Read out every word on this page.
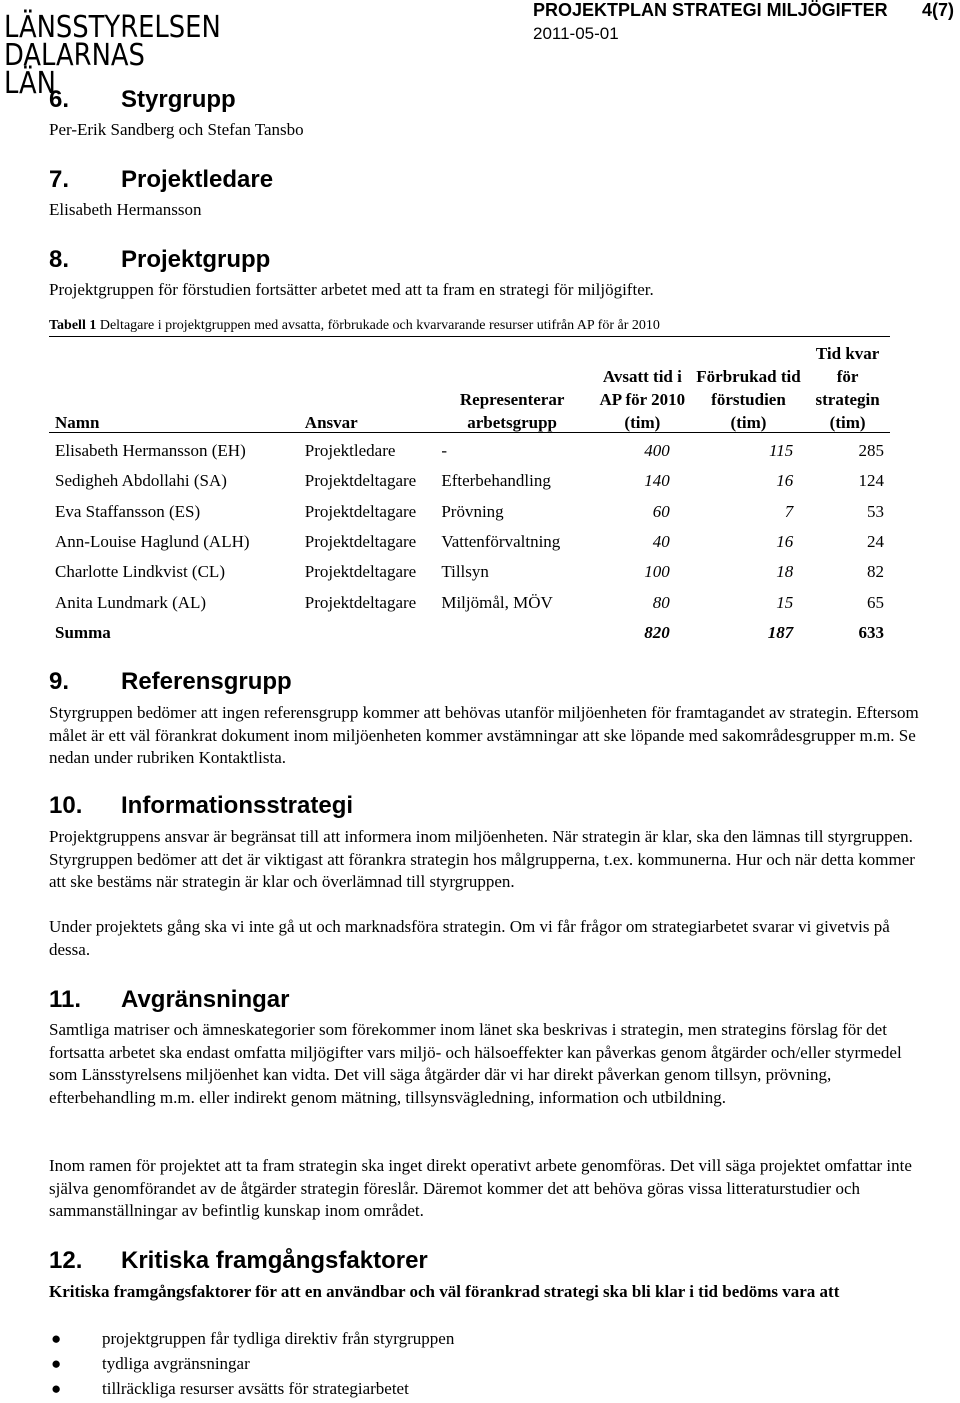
LÄNSSTYRELSEN
DALARNAS LÄN
PROJEKTPLAN STRATEGI MILJÖGIFTER 4(7)
2011-05-01
6. Styrgrupp
Per-Erik Sandberg och Stefan Tansbo
7. Projektledare
Elisabeth Hermansson
8. Projektgrupp
Projektgruppen för förstudien fortsätter arbetet med att ta fram en strategi för miljögifter.
Tabell 1 Deltagare i projektgruppen med avsatta, förbrukade och kvarvarande resurser utifrån AP för år 2010
Namn	Ansvar	Representerar arbetsgrupp	Avsatt tid i AP för 2010 (tim)	Förbrukad tid förstudien (tim)	Tid kvar för strategin (tim)
Elisabeth Hermansson (EH)	Projektledare	-	400	115	285
Sedigheh Abdollahi (SA)	Projektdeltagare	Efterbehandling	140	16	124
Eva Staffansson (ES)	Projektdeltagare	Prövning	60	7	53
Ann-Louise Haglund (ALH)	Projektdeltagare	Vattenförvaltning	40	16	24
Charlotte Lindkvist (CL)	Projektdeltagare	Tillsyn	100	18	82
Anita Lundmark (AL)	Projektdeltagare	Miljömål, MÖV	80	15	65
Summa			820	187	633
9. Referensgrupp
Styrgruppen bedömer att ingen referensgrupp kommer att behövas utanför miljöenheten för framtagandet av strategin. Eftersom målet är ett väl förankrat dokument inom miljöenheten kommer avstämningar att ske löpande med sakområdesgrupper m.m. Se nedan under rubriken Kontaktlista.
10. Informationsstrategi
Projektgruppens ansvar är begränsat till att informera inom miljöenheten. När strategin är klar, ska den lämnas till styrgruppen. Styrgruppen bedömer att det är viktigast att förankra strategin hos målgrupperna, t.ex. kommunerna. Hur och när detta kommer att ske bestäms när strategin är klar och överlämnad till styrgruppen.
Under projektets gång ska vi inte gå ut och marknadsföra strategin. Om vi får frågor om strategiarbetet svarar vi givetvis på dessa.
11. Avgränsningar
Samtliga matriser och ämneskategorier som förekommer inom länet ska beskrivas i strategin, men strategins förslag för det fortsatta arbetet ska endast omfatta miljögifter vars miljö- och hälsoeffekter kan påverkas genom åtgärder och/eller styrmedel som Länsstyrelsens miljöenhet kan vidta. Det vill säga åtgärder där vi har direkt påverkan genom tillsyn, prövning, efterbehandling m.m. eller indirekt genom mätning, tillsynsvägledning, information och utbildning.
Inom ramen för projektet att ta fram strategin ska inget direkt operativt arbete genomföras. Det vill säga projektet omfattar inte själva genomförandet av de åtgärder strategin föreslår. Däremot kommer det att behöva göras vissa litteraturstudier och sammanställningar av befintlig kunskap inom området.
12. Kritiska framgångsfaktorer
Kritiska framgångsfaktorer för att en användbar och väl förankrad strategi ska bli klar i tid bedöms vara att
● projektgruppen får tydliga direktiv från styrgruppen
● tydliga avgränsningar
● tillräckliga resurser avsätts för strategiarbetet
